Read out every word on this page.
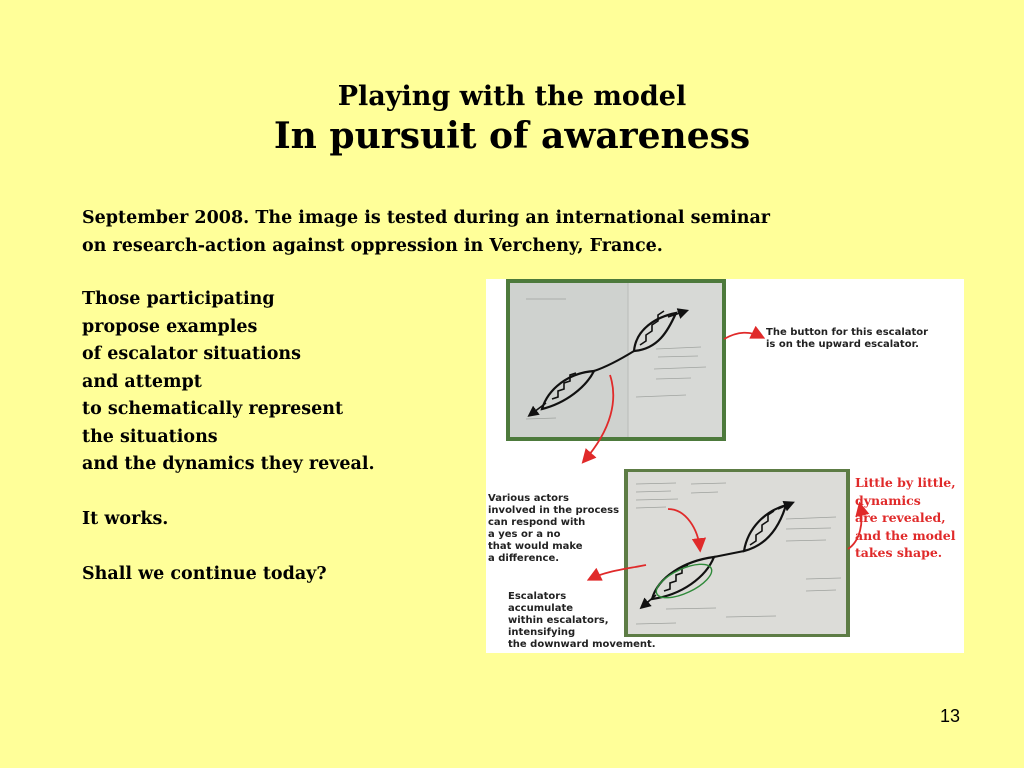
Playing with the model
In pursuit of awareness
September 2008. The image is tested during an international seminar
on research-action against oppression in Vercheny, France.
Those participating
propose examples
of escalator situations
and attempt
to schematically represent
the situations
and the dynamics they reveal.
It works.
Shall we continue today?
The button for this escalator
is on the upward escalator.
Various actors
involved in the process
can respond with
a yes or a no
that would make
a difference.
Little by little,
dynamics
are revealed,
and the model
takes shape.
Escalators
accumulate
within escalators,
intensifying
the downward movement.
13
